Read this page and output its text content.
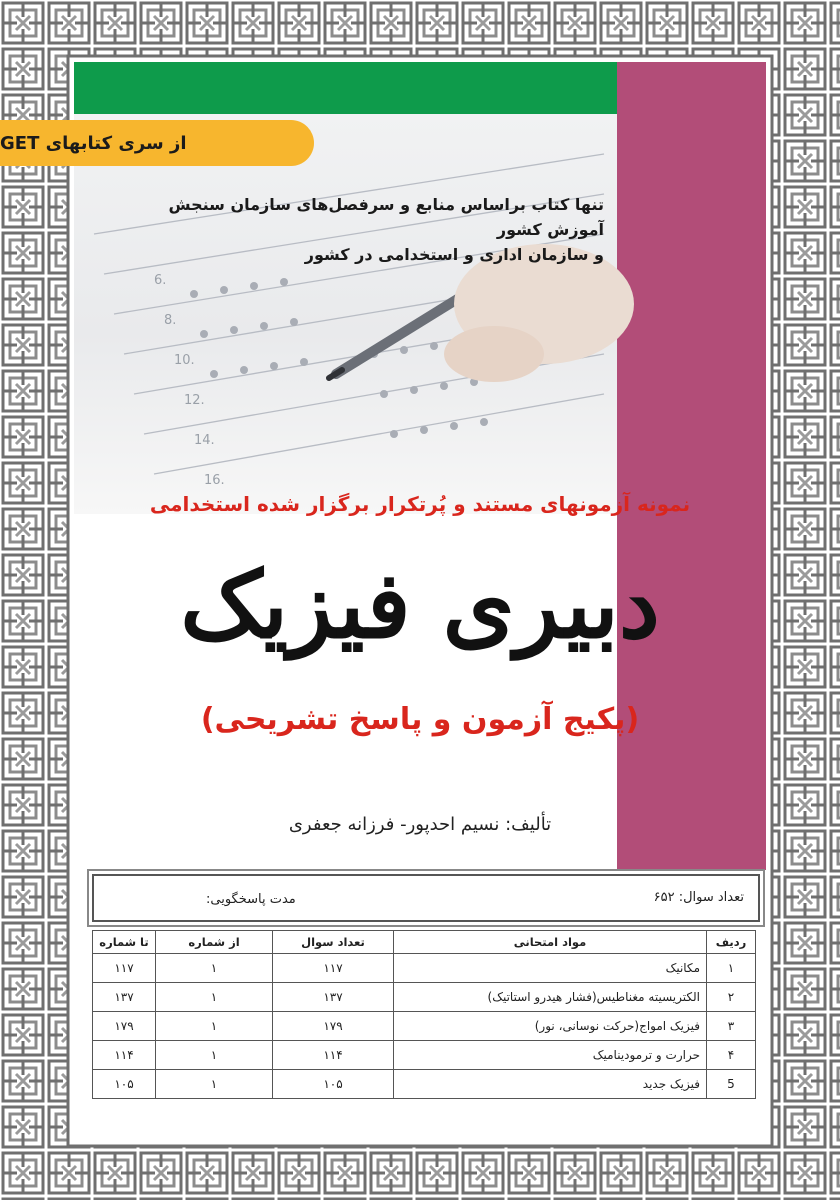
6.
8.
10.
12.
14.
16.
از سری کتابهای GET
تنها کتاب براساس منابع و سرفصل‌های سازمان سنجش آموزش کشور
و سازمان اداری و استخدامی در کشور
نمونه آزمونهای مستند و پُرتکرار برگزار شده استخدامی
دبیری فیزیک
(پکیج آزمون و پاسخ تشریحی)
تألیف: نسیم احدپور- فرزانه جعفری
تعداد سوال: ۶۵۲
مدت پاسخگویی:
ردیف	مواد امتحانی	تعداد سوال	از شماره	تا شماره
۱	مکانیک	۱۱۷	۱	۱۱۷
۲	الکتریسیته مغناطیس(فشار هیدرو استاتیک)	۱۳۷	۱	۱۳۷
۳	فیزیک امواج(حرکت نوسانی، نور)	۱۷۹	۱	۱۷۹
۴	حرارت و ترمودینامیک	۱۱۴	۱	۱۱۴
5	فیزیک جدید	۱۰۵	۱	۱۰۵
